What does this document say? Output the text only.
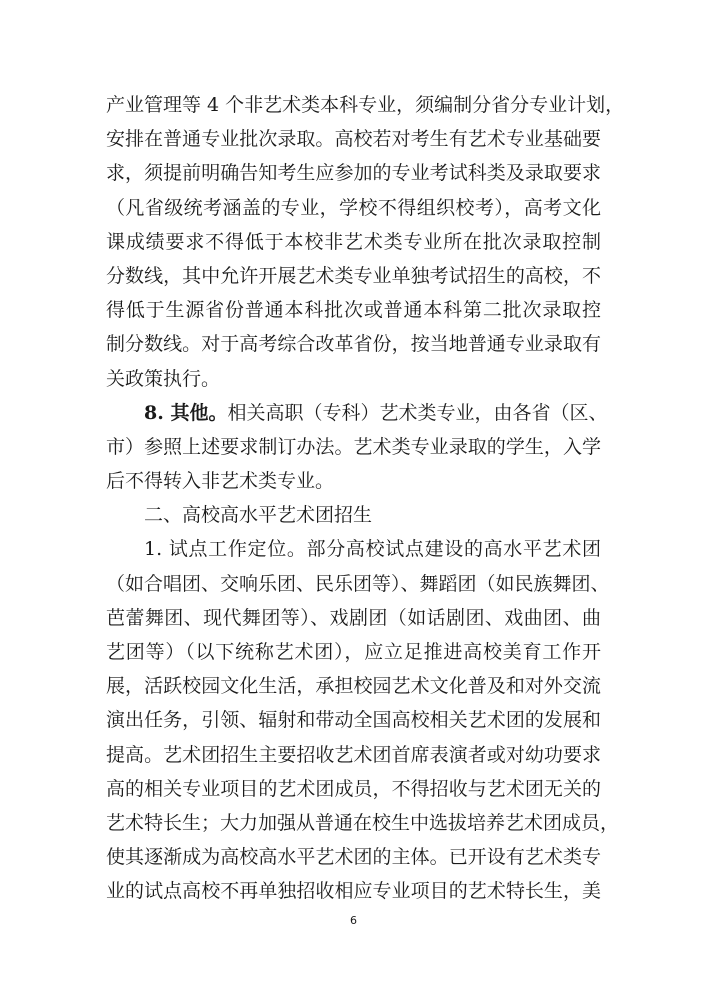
产业管理等 4 个非艺术类本科专业，须编制分省分专业计划，
安排在普通专业批次录取。高校若对考生有艺术专业基础要
求，须提前明确告知考生应参加的专业考试科类及录取要求
（凡省级统考涵盖的专业，学校不得组织校考），高考文化
课成绩要求不得低于本校非艺术类专业所在批次录取控制
分数线，其中允许开展艺术类专业单独考试招生的高校，不
得低于生源省份普通本科批次或普通本科第二批次录取控
制分数线。对于高考综合改革省份，按当地普通专业录取有
关政策执行。
8. 其他。相关高职（专科）艺术类专业，由各省（区、
市）参照上述要求制订办法。艺术类专业录取的学生，入学
后不得转入非艺术类专业。
二、高校高水平艺术团招生
1. 试点工作定位。部分高校试点建设的高水平艺术团
（如合唱团、交响乐团、民乐团等）、舞蹈团（如民族舞团、
芭蕾舞团、现代舞团等）、戏剧团（如话剧团、戏曲团、曲
艺团等）（以下统称艺术团），应立足推进高校美育工作开
展，活跃校园文化生活，承担校园艺术文化普及和对外交流
演出任务，引领、辐射和带动全国高校相关艺术团的发展和
提高。艺术团招生主要招收艺术团首席表演者或对幼功要求
高的相关专业项目的艺术团成员，不得招收与艺术团无关的
艺术特长生；大力加强从普通在校生中选拔培养艺术团成员，
使其逐渐成为高校高水平艺术团的主体。已开设有艺术类专
业的试点高校不再单独招收相应专业项目的艺术特长生，美
6
